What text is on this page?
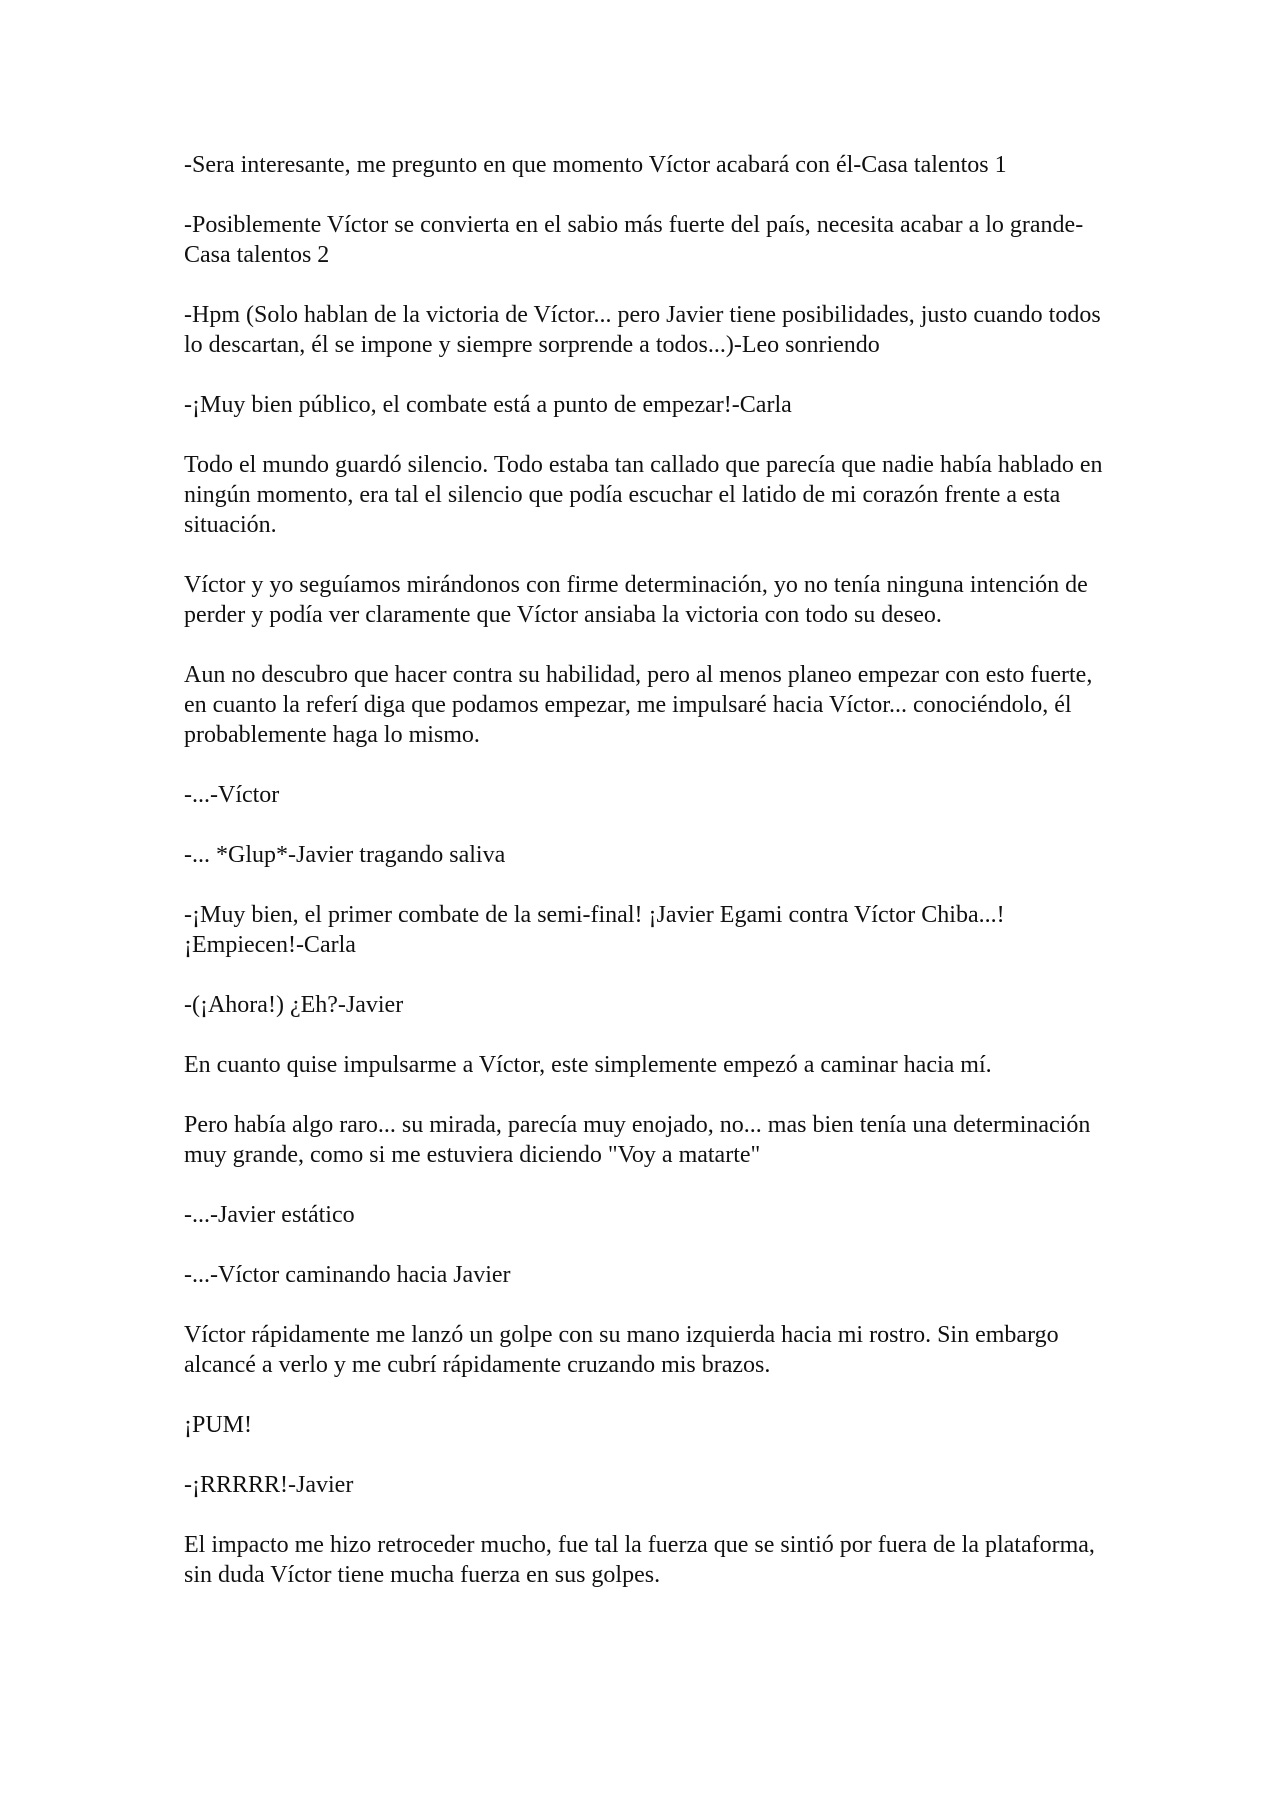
-Sera interesante, me pregunto en que momento Víctor acabará con él-Casa talentos 1

-Posiblemente Víctor se convierta en el sabio más fuerte del país, necesita acabar a lo grande-Casa talentos 2

-Hpm (Solo hablan de la victoria de Víctor... pero Javier tiene posibilidades, justo cuando todos lo descartan, él se impone y siempre sorprende a todos...)-Leo sonriendo

-¡Muy bien público, el combate está a punto de empezar!-Carla

Todo el mundo guardó silencio. Todo estaba tan callado que parecía que nadie había hablado en ningún momento, era tal el silencio que podía escuchar el latido de mi corazón frente a esta situación.

Víctor y yo seguíamos mirándonos con firme determinación, yo no tenía ninguna intención de perder y podía ver claramente que Víctor ansiaba la victoria con todo su deseo.

Aun no descubro que hacer contra su habilidad, pero al menos planeo empezar con esto fuerte, en cuanto la referí diga que podamos empezar, me impulsaré hacia Víctor... conociéndolo, él probablemente haga lo mismo.

-...-Víctor

-... *Glup*-Javier tragando saliva

-¡Muy bien, el primer combate de la semi-final! ¡Javier Egami contra Víctor Chiba...! ¡Empiecen!-Carla

-(¡Ahora!) ¿Eh?-Javier

En cuanto quise impulsarme a Víctor, este simplemente empezó a caminar hacia mí.

Pero había algo raro... su mirada, parecía muy enojado, no... mas bien tenía una determinación muy grande, como si me estuviera diciendo "Voy a matarte"

-...-Javier estático

-...-Víctor caminando hacia Javier

Víctor rápidamente me lanzó un golpe con su mano izquierda hacia mi rostro. Sin embargo alcancé a verlo y me cubrí rápidamente cruzando mis brazos.

¡PUM!

-¡RRRRR!-Javier

El impacto me hizo retroceder mucho, fue tal la fuerza que se sintió por fuera de la plataforma, sin duda Víctor tiene mucha fuerza en sus golpes.
